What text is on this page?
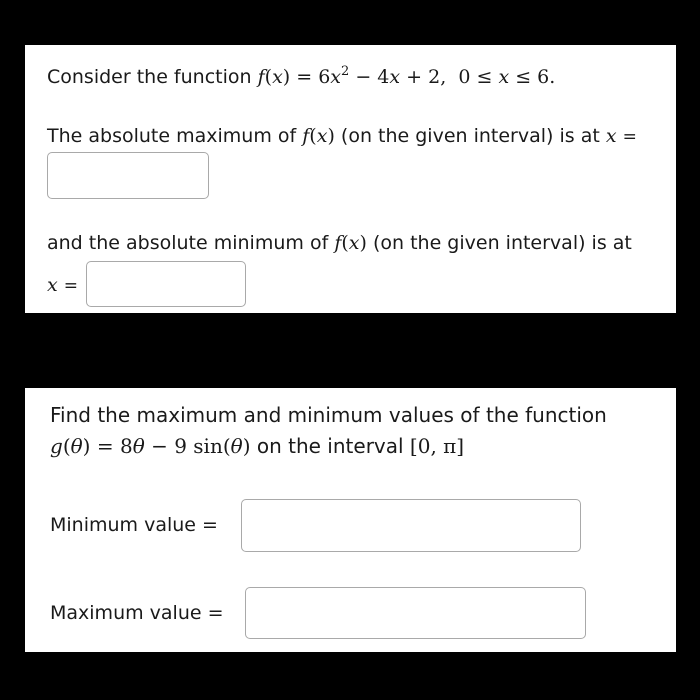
Consider the function $f(x) = 6x^2 - 4x + 2$, 0 ≤ x ≤ 6.
The absolute maximum of f(x) (on the given interval) is at x =
and the absolute minimum of f(x) (on the given interval) is at
x =
Find the maximum and minimum values of the function
g(θ) = 8θ − 9 sin(θ) on the interval [0, π]
Minimum value =
Maximum value =
